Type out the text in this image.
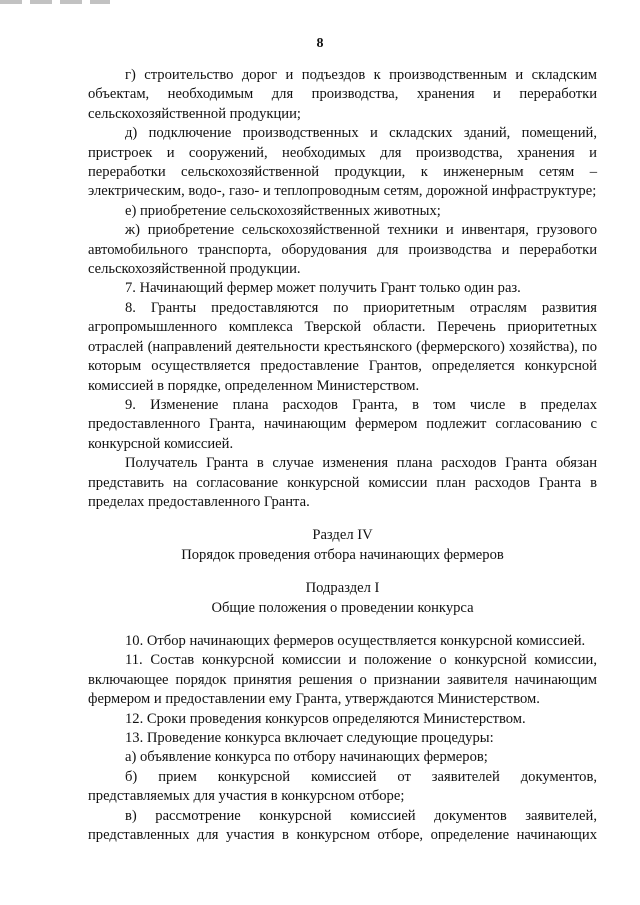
8

г) строительство дорог и подъездов к производственным и складским объектам, необходимым для производства, хранения и переработки сельскохозяйственной продукции;

д) подключение производственных и складских зданий, помещений, пристроек и сооружений, необходимых для производства, хранения и переработки сельскохозяйственной продукции, к инженерным сетям – электрическим, водо-, газо- и теплопроводным сетям, дорожной инфраструктуре;

е) приобретение сельскохозяйственных животных;

ж) приобретение сельскохозяйственной техники и инвентаря, грузового автомобильного транспорта, оборудования для производства и переработки сельскохозяйственной продукции.

7. Начинающий фермер может получить Грант только один раз.

8. Гранты предоставляются по приоритетным отраслям развития агропромышленного комплекса Тверской области. Перечень приоритетных отраслей (направлений деятельности крестьянского (фермерского) хозяйства), по которым осуществляется предоставление Грантов, определяется конкурсной комиссией в порядке, определенном Министерством.

9. Изменение плана расходов Гранта, в том числе в пределах предоставленного Гранта, начинающим фермером подлежит согласованию с конкурсной комиссией.

Получатель Гранта в случае изменения плана расходов Гранта обязан представить на согласование конкурсной комиссии план расходов Гранта в пределах предоставленного Гранта.

Раздел IV

Порядок проведения отбора начинающих фермеров

Подраздел I

Общие положения о проведении конкурса

10. Отбор начинающих фермеров осуществляется конкурсной комиссией.

11. Состав конкурсной комиссии и положение о конкурсной комиссии, включающее порядок принятия решения о признании заявителя начинающим фермером и предоставлении ему Гранта, утверждаются Министерством.

12. Сроки проведения конкурсов определяются Министерством.

13. Проведение конкурса включает следующие процедуры:

а) объявление конкурса по отбору начинающих фермеров;

б) прием конкурсной комиссией от заявителей документов, представляемых для участия в конкурсном отборе;

в) рассмотрение конкурсной комиссией документов заявителей, представленных для участия в конкурсном отборе, определение начинающих
